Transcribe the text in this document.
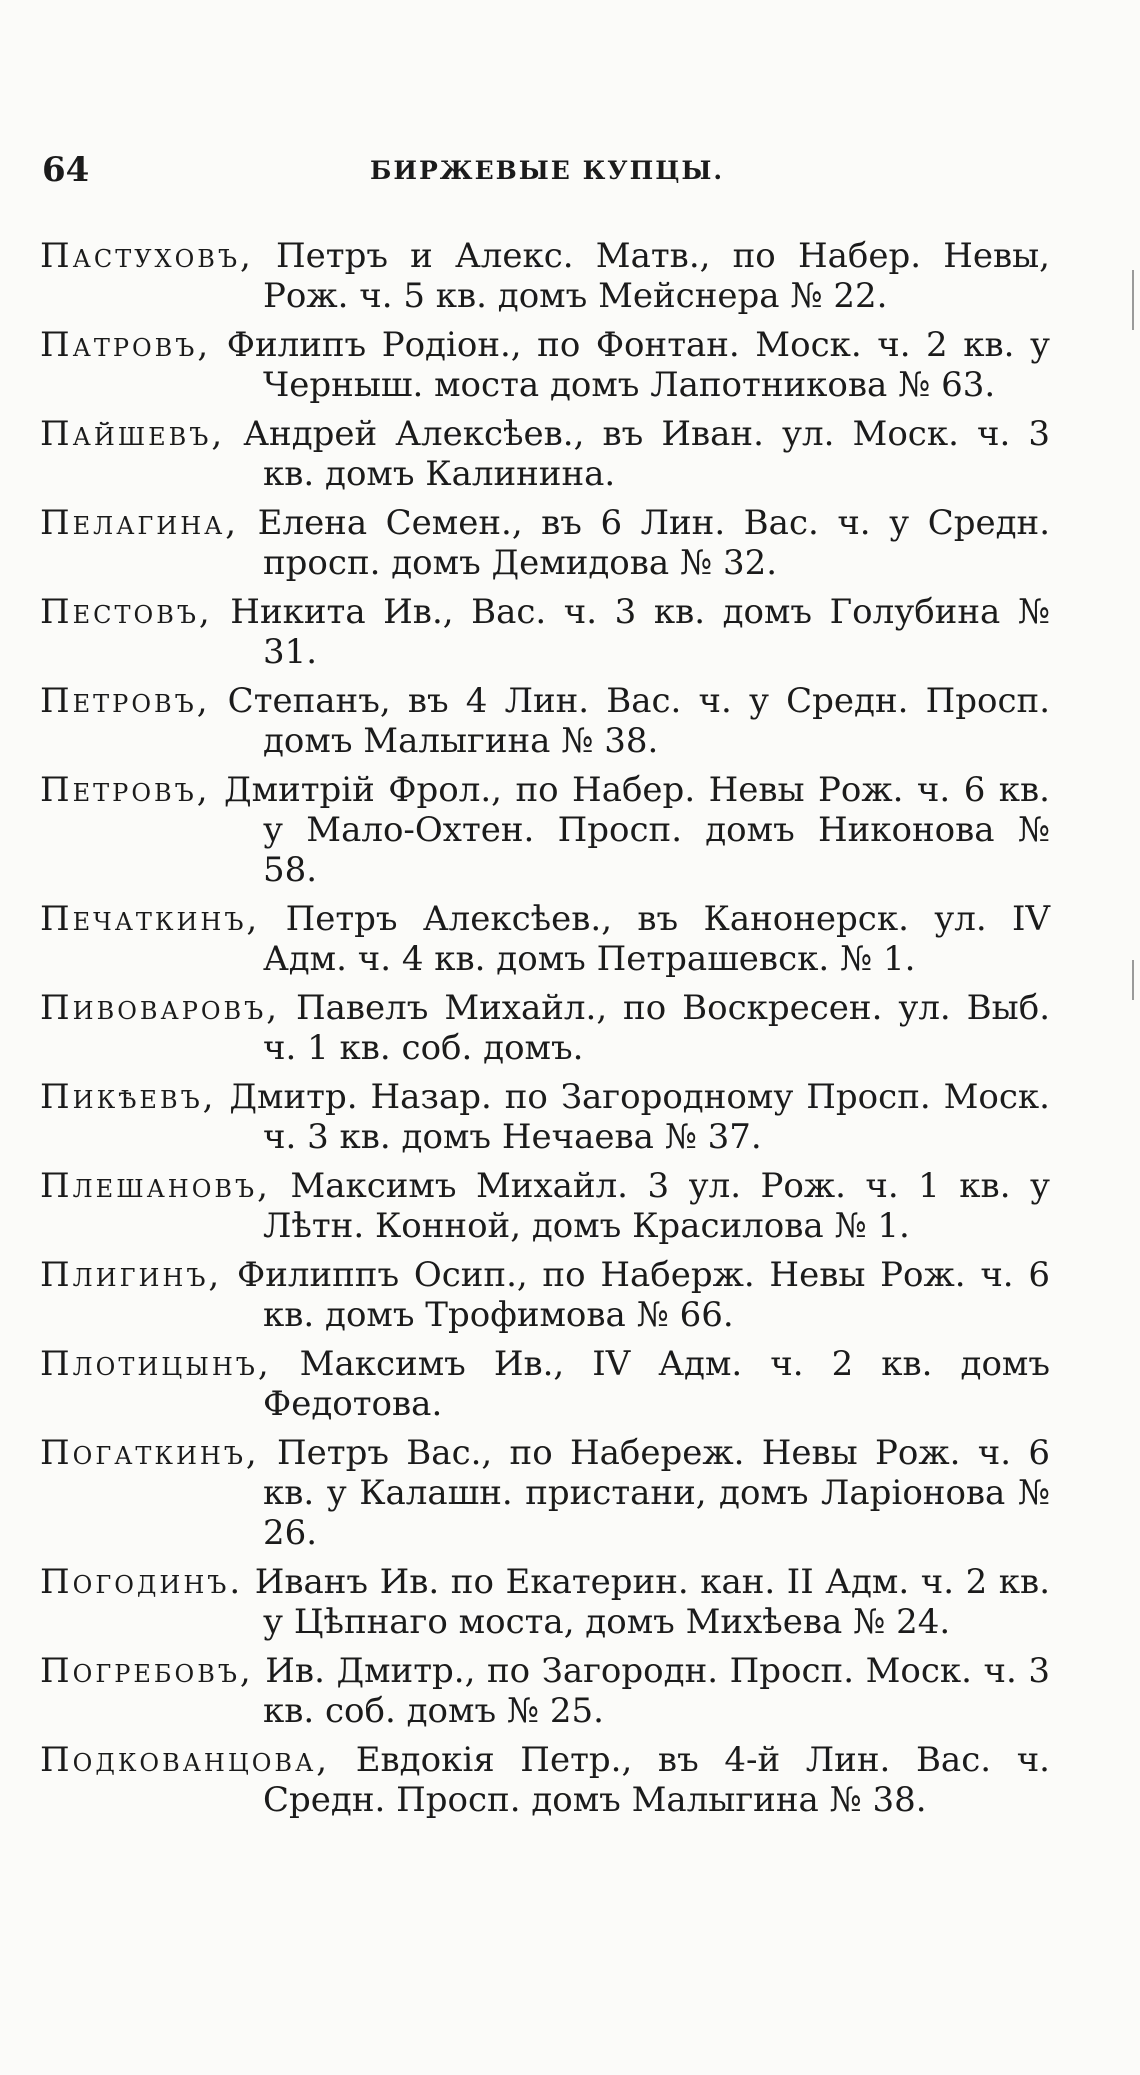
64	БИРЖЕВЫЕ КУПЦЫ.

Пастуховъ, Петръ и Алекс. Матв., по Набер. Невы, Рож. ч. 5 кв. домъ Мейснера № 22.

Патровъ, Филипъ Родіон., по Фонтан. Моск. ч. 2 кв. у Черныш. моста домъ Лапотникова № 63.

Пайшевъ, Андрей Алексѣев., въ Иван. ул. Моск. ч. 3 кв. домъ Калинина.

Пелагина, Елена Семен., въ 6 Лин. Вас. ч. у Средн. просп. домъ Демидова № 32.

Пестовъ, Никита Ив., Вас. ч. 3 кв. домъ Голубина № 31.

Петровъ, Степанъ, въ 4 Лин. Вас. ч. у Средн. Просп. домъ Малыгина № 38.

Петровъ, Дмитрій Фрол., по Набер. Невы Рож. ч. 6 кв. у Мало-Охтен. Просп. домъ Никонова № 58.

Печаткинъ, Петръ Алексѣев., въ Канонерск. ул. IV Адм. ч. 4 кв. домъ Петрашевск. № 1.

Пивоваровъ, Павелъ Михайл., по Воскресен. ул. Выб. ч. 1 кв. соб. домъ.

Пикѣевъ, Дмитр. Назар. по Загородному Просп. Моск. ч. 3 кв. домъ Нечаева № 37.

Плешановъ, Максимъ Михайл. 3 ул. Рож. ч. 1 кв. у Лѣтн. Конной, домъ Красилова № 1.

Плигинъ, Филиппъ Осип., по Наберж. Невы Рож. ч. 6 кв. домъ Трофимова № 66.

Плотицынъ, Максимъ Ив., IV Адм. ч. 2 кв. домъ Федотова.

Погаткинъ, Петръ Вас., по Набереж. Невы Рож. ч. 6 кв. у Калашн. пристани, домъ Ларіонова № 26.

Погодинъ. Иванъ Ив. по Екатерин. кан. II Адм. ч. 2 кв. у Цѣпнаго моста, домъ Михѣева № 24.

Погребовъ, Ив. Дмитр., по Загородн. Просп. Моск. ч. 3 кв. соб. домъ № 25.

Подкованцова, Евдокія Петр., въ 4-й Лин. Вас. ч. Средн. Просп. домъ Малыгина № 38.
